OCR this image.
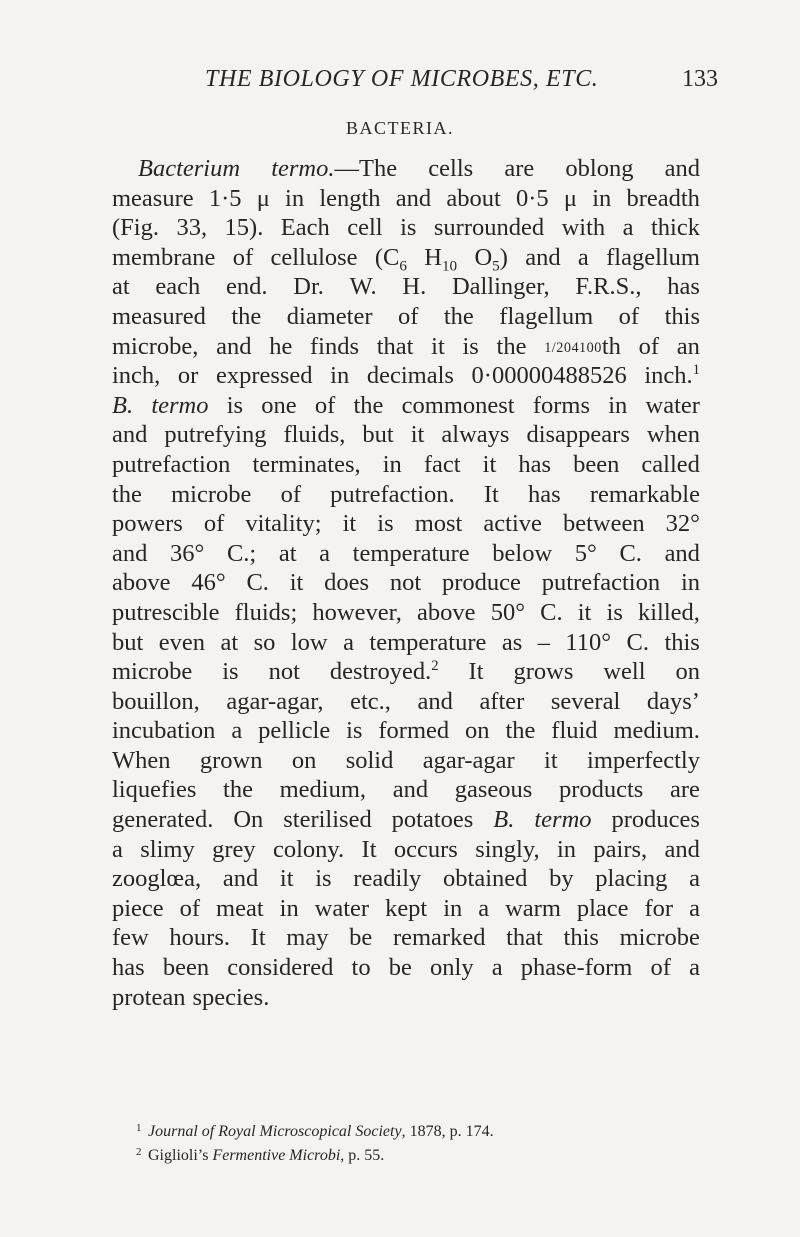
THE BIOLOGY OF MICROBES, ETC.	133
BACTERIA.
Bacterium termo.—The cells are oblong and
measure 1·5 μ in length and about 0·5 μ in breadth
(Fig. 33, 15). Each cell is surrounded with a thick
membrane of cellulose ($C_6$ $H_{10}$ $O_5$) and a flagellum
at each end. Dr. W. H. Dallinger, F.R.S., has
measured the diameter of the flagellum of this
microbe, and he finds that it is the 1/204100th of an
inch, or expressed in decimals 0·00000488526 inch.$^1$
B. termo is one of the commonest forms in water
and putrefying fluids, but it always disappears when
putrefaction terminates, in fact it has been called
the microbe of putrefaction. It has remarkable
powers of vitality; it is most active between 32°
and 36° C.; at a temperature below 5° C. and
above 46° C. it does not produce putrefaction in
putrescible fluids; however, above 50° C. it is killed,
but even at so low a temperature as – 110° C. this
microbe is not destroyed.$^2$ It grows well on
bouillon, agar-agar, etc., and after several days’
incubation a pellicle is formed on the fluid medium.
When grown on solid agar-agar it imperfectly
liquefies the medium, and gaseous products are
generated. On sterilised potatoes B. termo produces
a slimy grey colony. It occurs singly, in pairs, and
zooglœa, and it is readily obtained by placing a
piece of meat in water kept in a warm place for a
few hours. It may be remarked that this microbe
has been considered to be only a phase-form of a
protean species.
1 Journal of Royal Microscopical Society, 1878, p. 174.
2 Giglioli’s Fermentive Microbi, p. 55.
